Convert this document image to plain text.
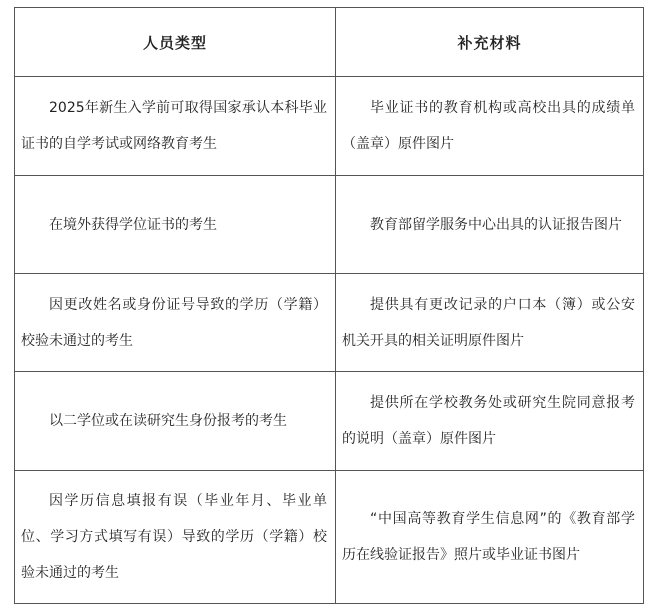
人员类型	补充材料

2025年新生入学前可取得国家承认本科毕业证书的自学考试或网络教育考生	毕业证书的教育机构或高校出具的成绩单（盖章）原件图片

在境外获得学位证书的考生	教育部留学服务中心出具的认证报告图片

因更改姓名或身份证号导致的学历（学籍）校验未通过的考生	提供具有更改记录的户口本（簿）或公安机关开具的相关证明原件图片

以二学位或在读研究生身份报考的考生	提供所在学校教务处或研究生院同意报考的说明（盖章）原件图片

因学历信息填报有误（毕业年月、毕业单位、学习方式填写有误）导致的学历（学籍）校验未通过的考生	“中国高等教育学生信息网”的《教育部学历在线验证报告》照片或毕业证书图片
